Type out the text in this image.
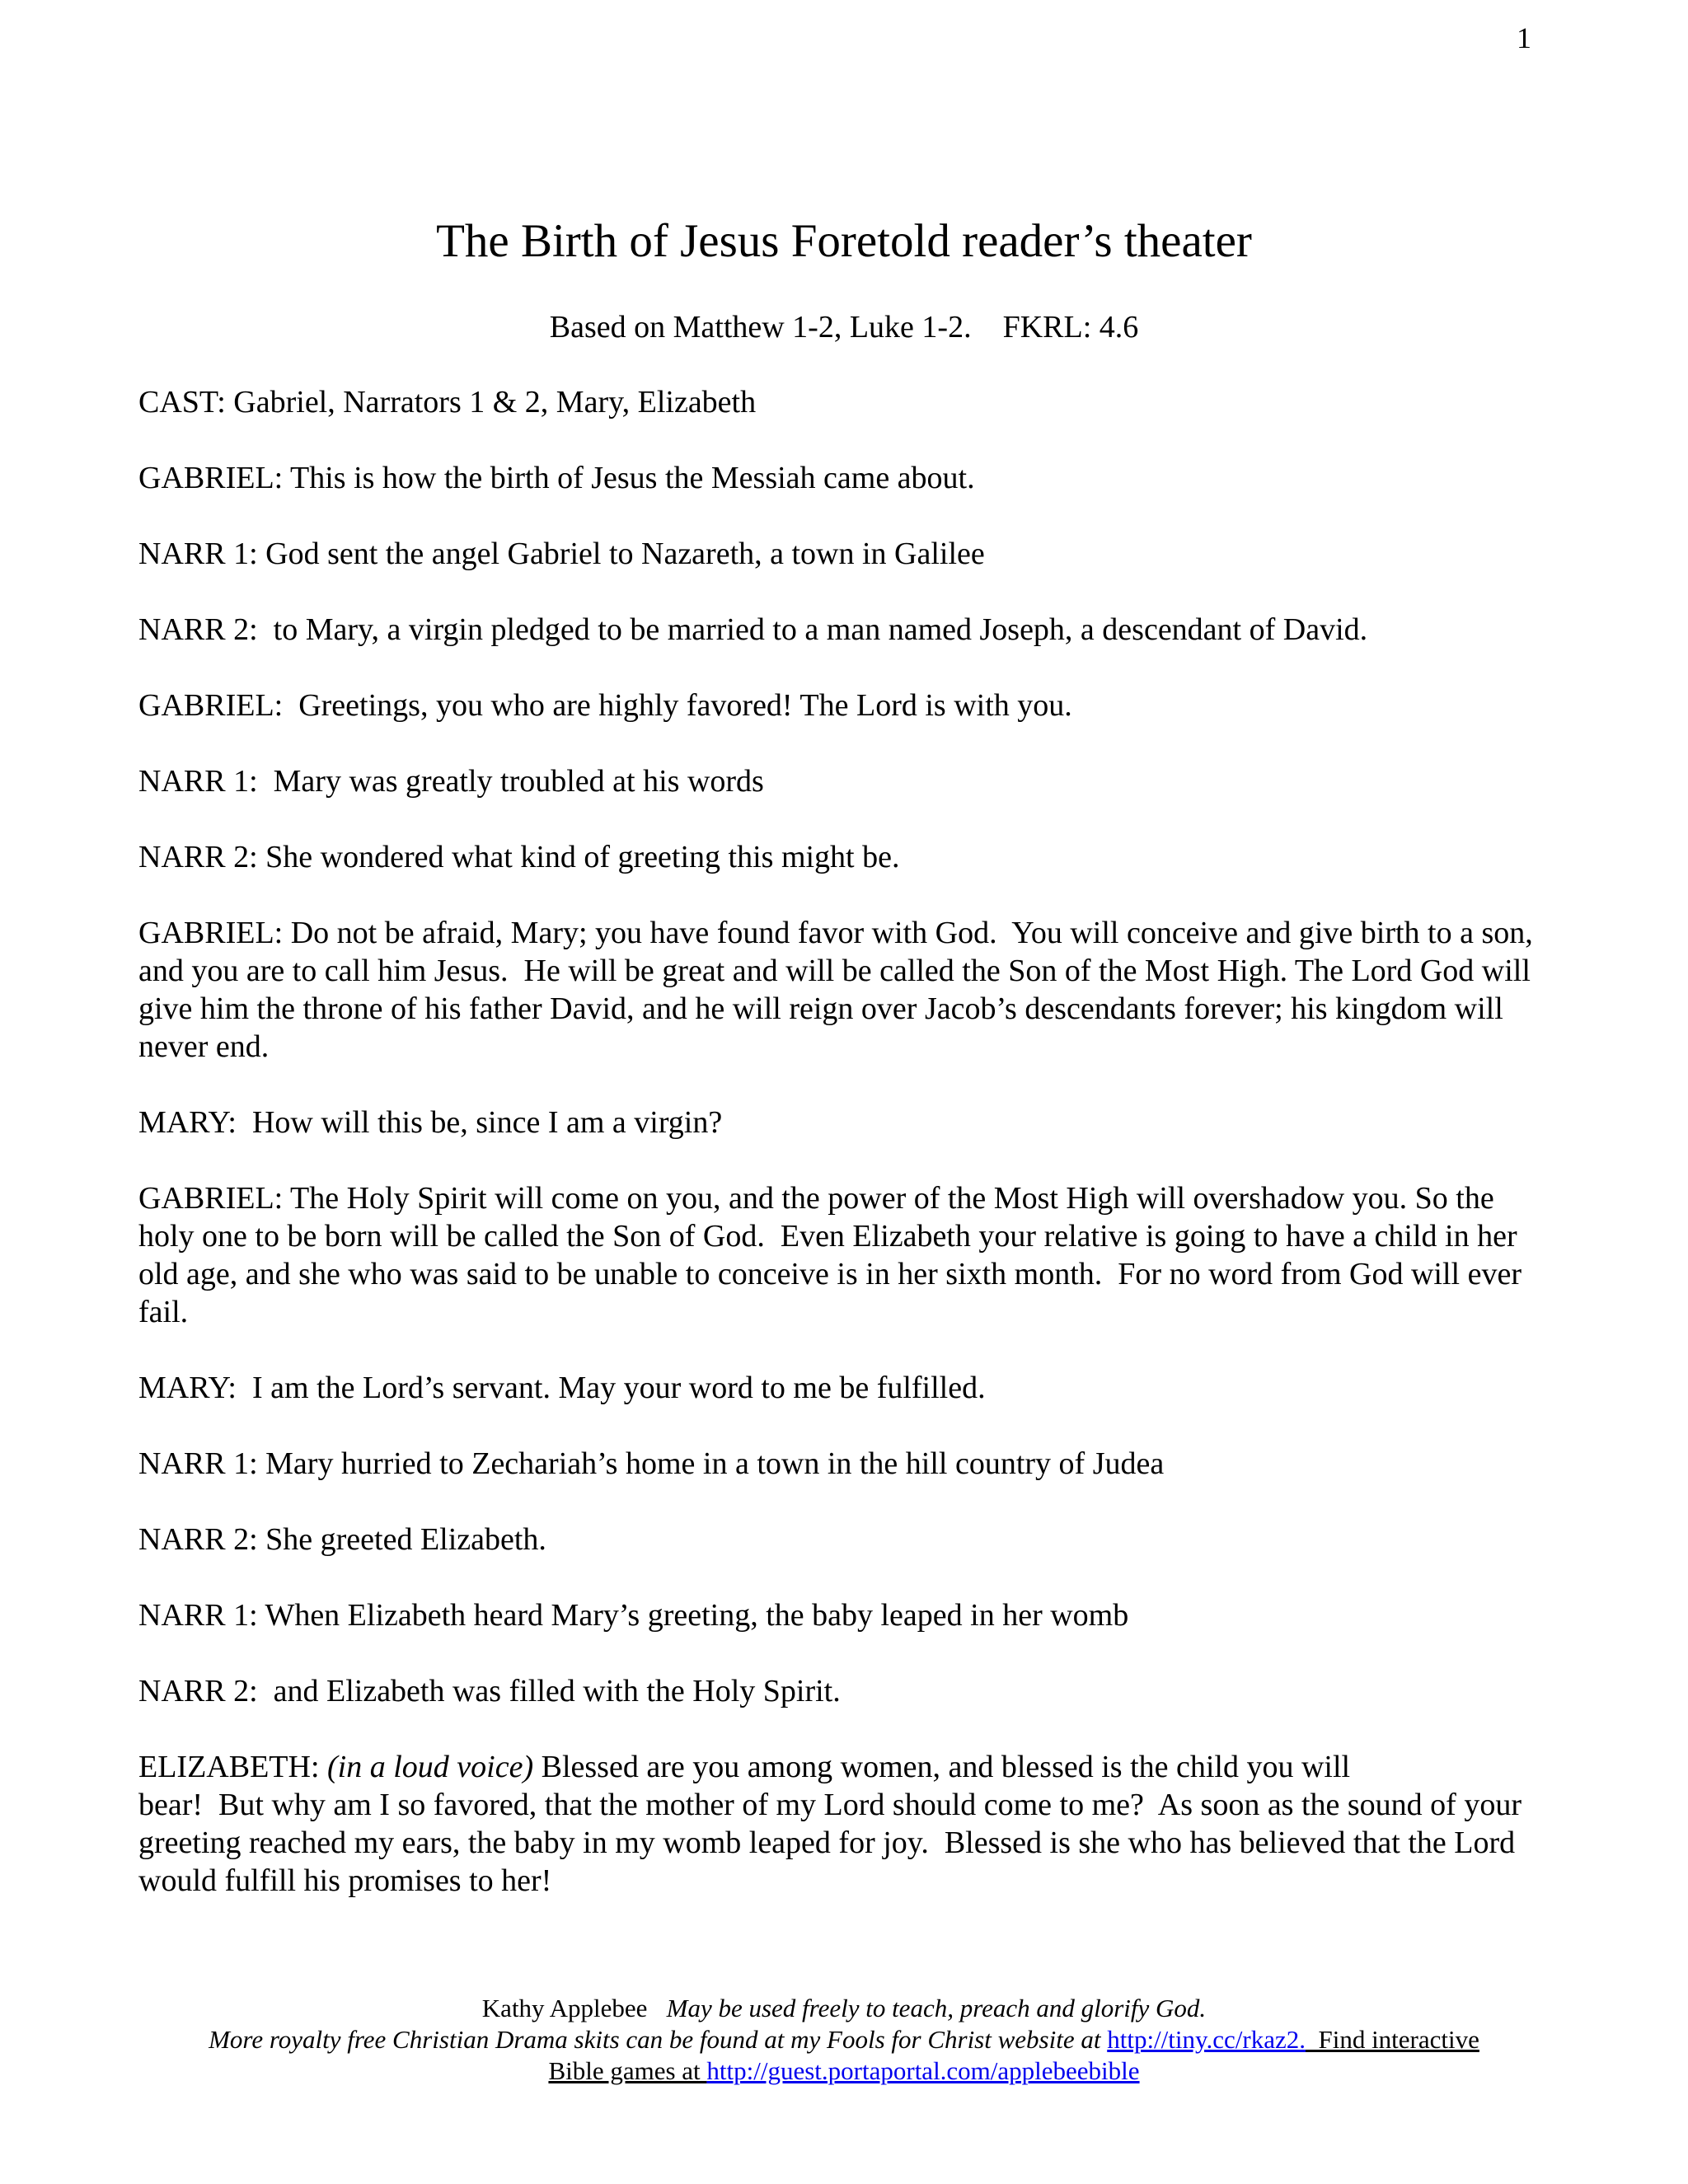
1
The Birth of Jesus Foretold reader’s theater
Based on Matthew 1-2, Luke 1-2.    FKRL: 4.6

CAST: Gabriel, Narrators 1 & 2, Mary, Elizabeth

GABRIEL: This is how the birth of Jesus the Messiah came about.

NARR 1: God sent the angel Gabriel to Nazareth, a town in Galilee

NARR 2:  to Mary, a virgin pledged to be married to a man named Joseph, a descendant of David.

GABRIEL:  Greetings, you who are highly favored! The Lord is with you.

NARR 1:  Mary was greatly troubled at his words

NARR 2: She wondered what kind of greeting this might be.

GABRIEL: Do not be afraid, Mary; you have found favor with God.  You will conceive and give birth to a son, and you are to call him Jesus.  He will be great and will be called the Son of the Most High. The Lord God will give him the throne of his father David, and he will reign over Jacob’s descendants forever; his kingdom will never end.

MARY:  How will this be, since I am a virgin?

GABRIEL: The Holy Spirit will come on you, and the power of the Most High will overshadow you. So the holy one to be born will be called the Son of God.  Even Elizabeth your relative is going to have a child in her old age, and she who was said to be unable to conceive is in her sixth month.  For no word from God will ever fail.

MARY:  I am the Lord’s servant. May your word to me be fulfilled.

NARR 1: Mary hurried to Zechariah’s home in a town in the hill country of Judea

NARR 2: She greeted Elizabeth.

NARR 1: When Elizabeth heard Mary’s greeting, the baby leaped in her womb

NARR 2:  and Elizabeth was filled with the Holy Spirit.

ELIZABETH: (in a loud voice) Blessed are you among women, and blessed is the child you will
bear!  But why am I so favored, that the mother of my Lord should come to me?  As soon as the sound of your greeting reached my ears, the baby in my womb leaped for joy.  Blessed is she who has believed that the Lord would fulfill his promises to her!

Kathy Applebee May be used freely to teach, preach and glorify God.
More royalty free Christian Drama skits can be found at my Fools for Christ website at http://tiny.cc/rkaz2.  Find interactive
Bible games at http://guest.portaportal.com/applebeebible
